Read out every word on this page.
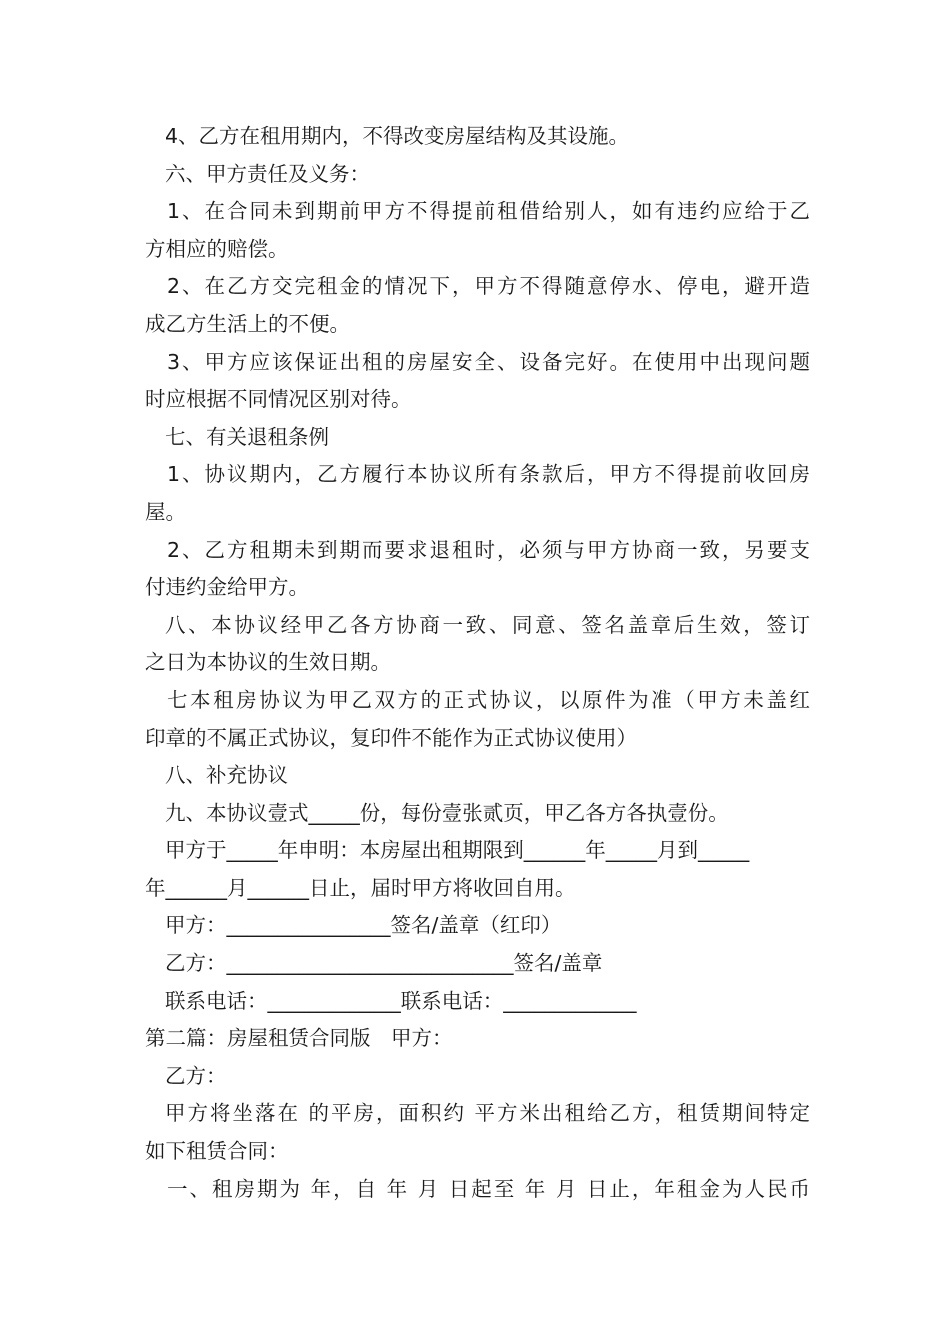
4、乙方在租用期内，不得改变房屋结构及其设施。
六、甲方责任及义务：
1、在合同未到期前甲方不得提前租借给别人，如有违约应给于乙
方相应的赔偿。
2、在乙方交完租金的情况下，甲方不得随意停水、停电，避开造
成乙方生活上的不便。
3、甲方应该保证出租的房屋安全、设备完好。在使用中出现问题
时应根据不同情况区别对待。
七、有关退租条例
1、协议期内，乙方履行本协议所有条款后，甲方不得提前收回房
屋。
2、乙方租期未到期而要求退租时，必须与甲方协商一致，另要支
付违约金给甲方。
八、本协议经甲乙各方协商一致、同意、签名盖章后生效，签订
之日为本协议的生效日期。
七本租房协议为甲乙双方的正式协议，以原件为准（甲方未盖红
印章的不属正式协议，复印件不能作为正式协议使用）
八、补充协议
九、本协议壹式_____份，每份壹张贰页，甲乙各方各执壹份。
甲方于_____年申明：本房屋出租期限到______年_____月到_____
年______月______日止，届时甲方将收回自用。
甲方：________________签名/盖章（红印）
乙方：____________________________签名/盖章
联系电话：_____________联系电话：_____________
第二篇：房屋租赁合同版　甲方：
乙方：
甲方将坐落在 的平房，面积约 平方米出租给乙方，租赁期间特定
如下租赁合同：
一、租房期为 年，自 年 月 日起至 年 月 日止，年租金为人民币
